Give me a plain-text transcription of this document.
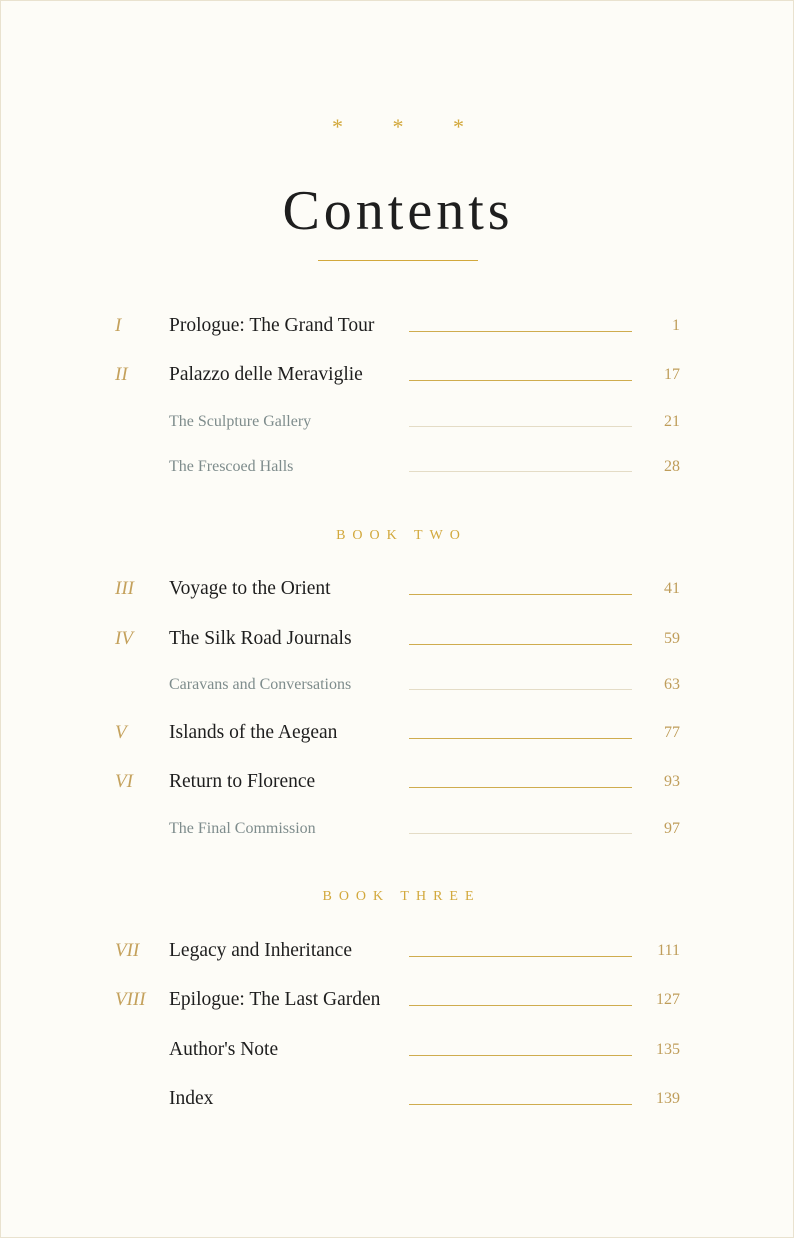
* * *
Contents
I Prologue: The Grand Tour	1
II Palazzo delle Meraviglie	17
The Sculpture Gallery	21
The Frescoed Halls	28
BOOK TWO
III Voyage to the Orient	41
IV The Silk Road Journals	59
Caravans and Conversations	63
V Islands of the Aegean	77
VI Return to Florence	93
The Final Commission	97
BOOK THREE
VII Legacy and Inheritance	111
VIII Epilogue: The Last Garden	127
Author's Note	135
Index	139
